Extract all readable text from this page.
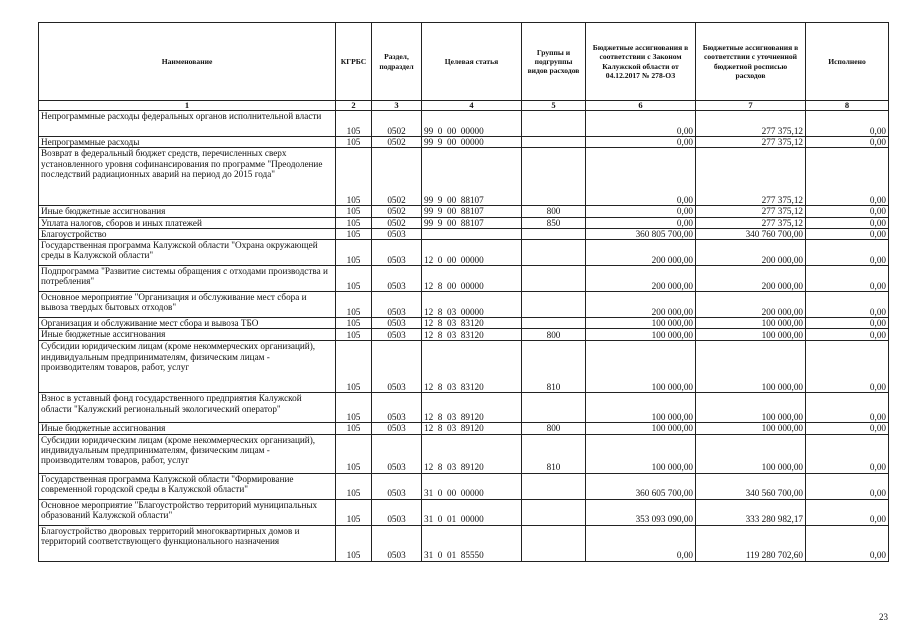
Наименование	КГРБС	Раздел, подраздел	Целевая статья	Группы и подгруппы видов расходов	Бюджетные ассигнования в соответствии с Законом Калужской области от 04.12.2017 № 278-ОЗ	Бюджетные ассигнования в соответствии с уточненной бюджетной росписью расходов	Исполнено
1	2	3	4	5	6	7	8
Непрограммные расходы федеральных органов исполнительной власти	105	0502	99  0  00  00000		0,00	277 375,12	0,00
Непрограммные расходы	105	0502	99  9  00  00000		0,00	277 375,12	0,00
Возврат в федеральный бюджет средств, перечисленных сверх установленного уровня софинансирования по программе "Преодоление последствий радиационных аварий на период до 2015 года"	105	0502	99  9  00  88107		0,00	277 375,12	0,00
Иные бюджетные ассигнования	105	0502	99  9  00  88107	800	0,00	277 375,12	0,00
Уплата налогов, сборов и иных платежей	105	0502	99  9  00  88107	850	0,00	277 375,12	0,00
Благоустройство	105	0503			360 805 700,00	340 760 700,00	0,00
Государственная программа Калужской области "Охрана окружающей среды в Калужской области"	105	0503	12  0  00  00000		200 000,00	200 000,00	0,00
Подпрограмма "Развитие системы обращения с отходами производства и потребления"	105	0503	12  8  00  00000		200 000,00	200 000,00	0,00
Основное мероприятие "Организация и обслуживание мест сбора и вывоза твердых бытовых отходов"	105	0503	12  8  03  00000		200 000,00	200 000,00	0,00
Организация и обслуживание мест сбора и вывоза ТБО	105	0503	12  8  03  83120		100 000,00	100 000,00	0,00
Иные бюджетные ассигнования	105	0503	12  8  03  83120	800	100 000,00	100 000,00	0,00
Субсидии юридическим лицам (кроме некоммерческих организаций), индивидуальным предпринимателям, физическим лицам - производителям товаров, работ, услуг	105	0503	12  8  03  83120	810	100 000,00	100 000,00	0,00
Взнос в уставный фонд государственного предприятия Калужской области "Калужский региональный экологический оператор"	105	0503	12  8  03  89120		100 000,00	100 000,00	0,00
Иные бюджетные ассигнования	105	0503	12  8  03  89120	800	100 000,00	100 000,00	0,00
Субсидии юридическим лицам (кроме некоммерческих организаций), индивидуальным предпринимателям, физическим лицам - производителям товаров, работ, услуг	105	0503	12  8  03  89120	810	100 000,00	100 000,00	0,00
Государственная программа Калужской области "Формирование современной городской среды в Калужской области"	105	0503	31  0  00  00000		360 605 700,00	340 560 700,00	0,00
Основное мероприятие "Благоустройство территорий муниципальных образований Калужской области"	105	0503	31  0  01  00000		353 093 090,00	333 280 982,17	0,00
Благоустройство дворовых территорий многоквартирных домов и территорий соответствующего функционального назначения	105	0503	31  0  01  85550		0,00	119 280 702,60	0,00
23
